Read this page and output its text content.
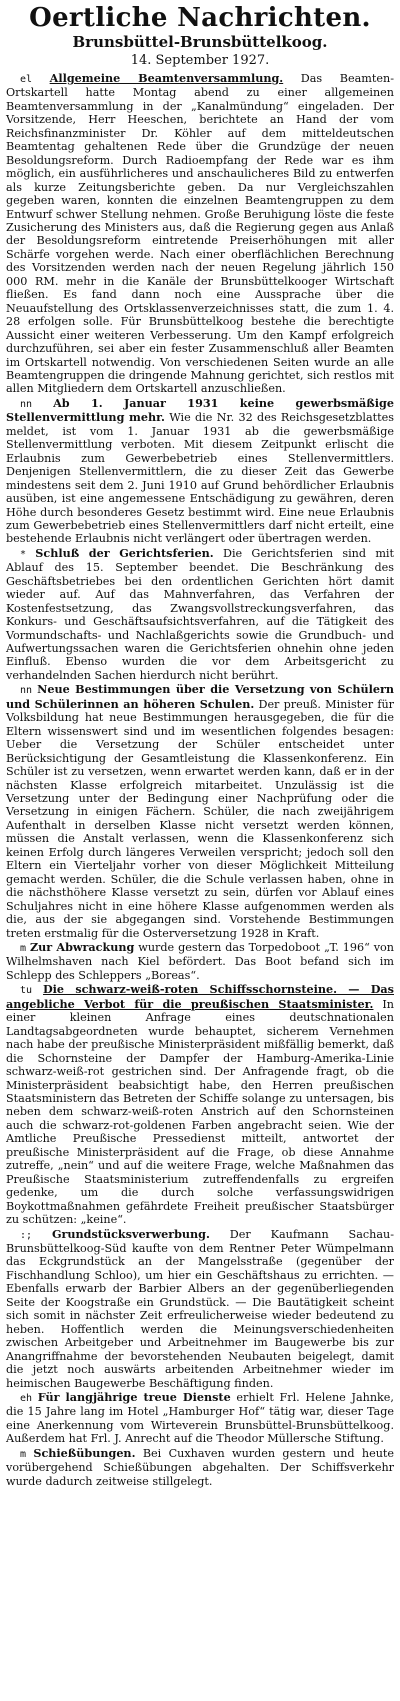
Oertliche Nachrichten.
Brunsbüttel-Brunsbüttelkoog.
14. September 1927.

el Allgemeine Beamtenversammlung. Das Beamten-Ortskartell hatte Montag abend zu einer allgemeinen Beamtenversammlung in der „Kanalmündung“ eingeladen. Der Vorsitzende, Herr Heeschen, berichtete an Hand der vom Reichsfinanzminister Dr. Köhler auf dem mitteldeutschen Beamtentag gehaltenen Rede über die Grundzüge der neuen Besoldungsreform. Durch Radioempfang der Rede war es ihm möglich, ein ausführlicheres und anschaulicheres Bild zu entwerfen als kurze Zeitungsberichte geben. Da nur Vergleichszahlen gegeben waren, konnten die einzelnen Beamtengruppen zu dem Entwurf schwer Stellung nehmen. Große Beruhigung löste die feste Zusicherung des Ministers aus, daß die Regierung gegen aus Anlaß der Besoldungsreform eintretende Preiserhöhungen mit aller Schärfe vorgehen werde. Nach einer oberflächlichen Berechnung des Vorsitzenden werden nach der neuen Regelung jährlich 150 000 RM. mehr in die Kanäle der Brunsbüttelkooger Wirtschaft fließen. Es fand dann noch eine Aussprache über die Neuaufstellung des Ortsklassenverzeichnisses statt, die zum 1. 4. 28 erfolgen solle. Für Brunsbüttelkoog bestehe die berechtigte Aussicht einer weiteren Verbesserung. Um den Kampf erfolgreich durchzuführen, sei aber ein fester Zusammenschluß aller Beamten im Ortskartell notwendig. Von verschiedenen Seiten wurde an alle Beamtengruppen die dringende Mahnung gerichtet, sich restlos mit allen Mitgliedern dem Ortskartell anzuschließen.

nn Ab 1. Januar 1931 keine gewerbsmäßige Stellenvermittlung mehr. Wie die Nr. 32 des Reichsgesetzblattes meldet, ist vom 1. Januar 1931 ab die gewerbsmäßige Stellenvermittlung verboten. Mit diesem Zeitpunkt erlischt die Erlaubnis zum Gewerbebetrieb eines Stellenvermittlers. Denjenigen Stellenvermittlern, die zu dieser Zeit das Gewerbe mindestens seit dem 2. Juni 1910 auf Grund behördlicher Erlaubnis ausüben, ist eine angemessene Entschädigung zu gewähren, deren Höhe durch besonderes Gesetz bestimmt wird. Eine neue Erlaubnis zum Gewerbebetrieb eines Stellenvermittlers darf nicht erteilt, eine bestehende Erlaubnis nicht verlängert oder übertragen werden.

* Schluß der Gerichtsferien. Die Gerichtsferien sind mit Ablauf des 15. September beendet. Die Beschränkung des Geschäftsbetriebes bei den ordentlichen Gerichten hört damit wieder auf. Auf das Mahnverfahren, das Verfahren der Kostenfestsetzung, das Zwangsvollstreckungsverfahren, das Konkurs- und Geschäftsaufsichtsverfahren, auf die Tätigkeit des Vormundschafts- und Nachlaßgerichts sowie die Grundbuch- und Aufwertungssachen waren die Gerichtsferien ohnehin ohne jeden Einfluß. Ebenso wurden die vor dem Arbeitsgericht zu verhandelnden Sachen hierdurch nicht berührt.

nn Neue Bestimmungen über die Versetzung von Schülern und Schülerinnen an höheren Schulen. Der preuß. Minister für Volksbildung hat neue Bestimmungen herausgegeben, die für die Eltern wissenswert sind und im wesentlichen folgendes besagen: Ueber die Versetzung der Schüler entscheidet unter Berücksichtigung der Gesamtleistung die Klassenkonferenz. Ein Schüler ist zu versetzen, wenn erwartet werden kann, daß er in der nächsten Klasse erfolgreich mitarbeitet. Unzulässig ist die Versetzung unter der Bedingung einer Nachprüfung oder die Versetzung in einigen Fächern. Schüler, die nach zweijährigem Aufenthalt in derselben Klasse nicht versetzt werden können, müssen die Anstalt verlassen, wenn die Klassenkonferenz sich keinen Erfolg durch längeres Verweilen verspricht; jedoch soll den Eltern ein Vierteljahr vorher von dieser Möglichkeit Mitteilung gemacht werden. Schüler, die die Schule verlassen haben, ohne in die nächsthöhere Klasse versetzt zu sein, dürfen vor Ablauf eines Schuljahres nicht in eine höhere Klasse aufgenommen werden als die, aus der sie abgegangen sind. Vorstehende Bestimmungen treten erstmalig für die Osterversetzung 1928 in Kraft.

m Zur Abwrackung wurde gestern das Torpedoboot „T. 196“ von Wilhelmshaven nach Kiel befördert. Das Boot befand sich im Schlepp des Schleppers „Boreas“.

tu Die schwarz-weiß-roten Schiffsschornsteine. — Das angebliche Verbot für die preußischen Staatsminister. In einer kleinen Anfrage eines deutschnationalen Landtagsabgeordneten wurde behauptet, sicherem Vernehmen nach habe der preußische Ministerpräsident mißfällig bemerkt, daß die Schornsteine der Dampfer der Hamburg-Amerika-Linie schwarz-weiß-rot gestrichen sind. Der Anfragende fragt, ob die Ministerpräsident beabsichtigt habe, den Herren preußischen Staatsministern das Betreten der Schiffe solange zu untersagen, bis neben dem schwarz-weiß-roten Anstrich auf den Schornsteinen auch die schwarz-rot-goldenen Farben angebracht seien. Wie der Amtliche Preußische Pressedienst mitteilt, antwortet der preußische Ministerpräsident auf die Frage, ob diese Annahme zutreffe, „nein“ und auf die weitere Frage, welche Maßnahmen das Preußische Staatsministerium zutreffendenfalls zu ergreifen gedenke, um die durch solche verfassungswidrigen Boykottmaßnahmen gefährdete Freiheit preußischer Staatsbürger zu schützen: „keine“.

:; Grundstücksverwerbung. Der Kaufmann Sachau-Brunsbüttelkoog-Süd kaufte von dem Rentner Peter Wümpelmann das Eckgrundstück an der Mangelsstraße (gegenüber der Fischhandlung Schloo), um hier ein Geschäftshaus zu errichten. — Ebenfalls erwarb der Barbier Albers an der gegenüberliegenden Seite der Koogstraße ein Grundstück. — Die Bautätigkeit scheint sich somit in nächster Zeit erfreulicherweise wieder bedeutend zu heben. Hoffentlich werden die Meinungsverschiedenheiten zwischen Arbeitgeber und Arbeitnehmer im Baugewerbe bis zur Anangriffnahme der bevorstehenden Neubauten beigelegt, damit die jetzt noch auswärts arbeitenden Arbeitnehmer wieder im heimischen Baugewerbe Beschäftigung finden.

eh Für langjährige treue Dienste erhielt Frl. Helene Jahnke, die 15 Jahre lang im Hotel „Hamburger Hof“ tätig war, dieser Tage eine Anerkennung vom Wirteverein Brunsbüttel-Brunsbüttelkoog. Außerdem hat Frl. J. Anrecht auf die Theodor Müllersche Stiftung.

m Schießübungen. Bei Cuxhaven wurden gestern und heute vorübergehend Schießübungen abgehalten. Der Schiffsverkehr wurde dadurch zeitweise stillgelegt.
